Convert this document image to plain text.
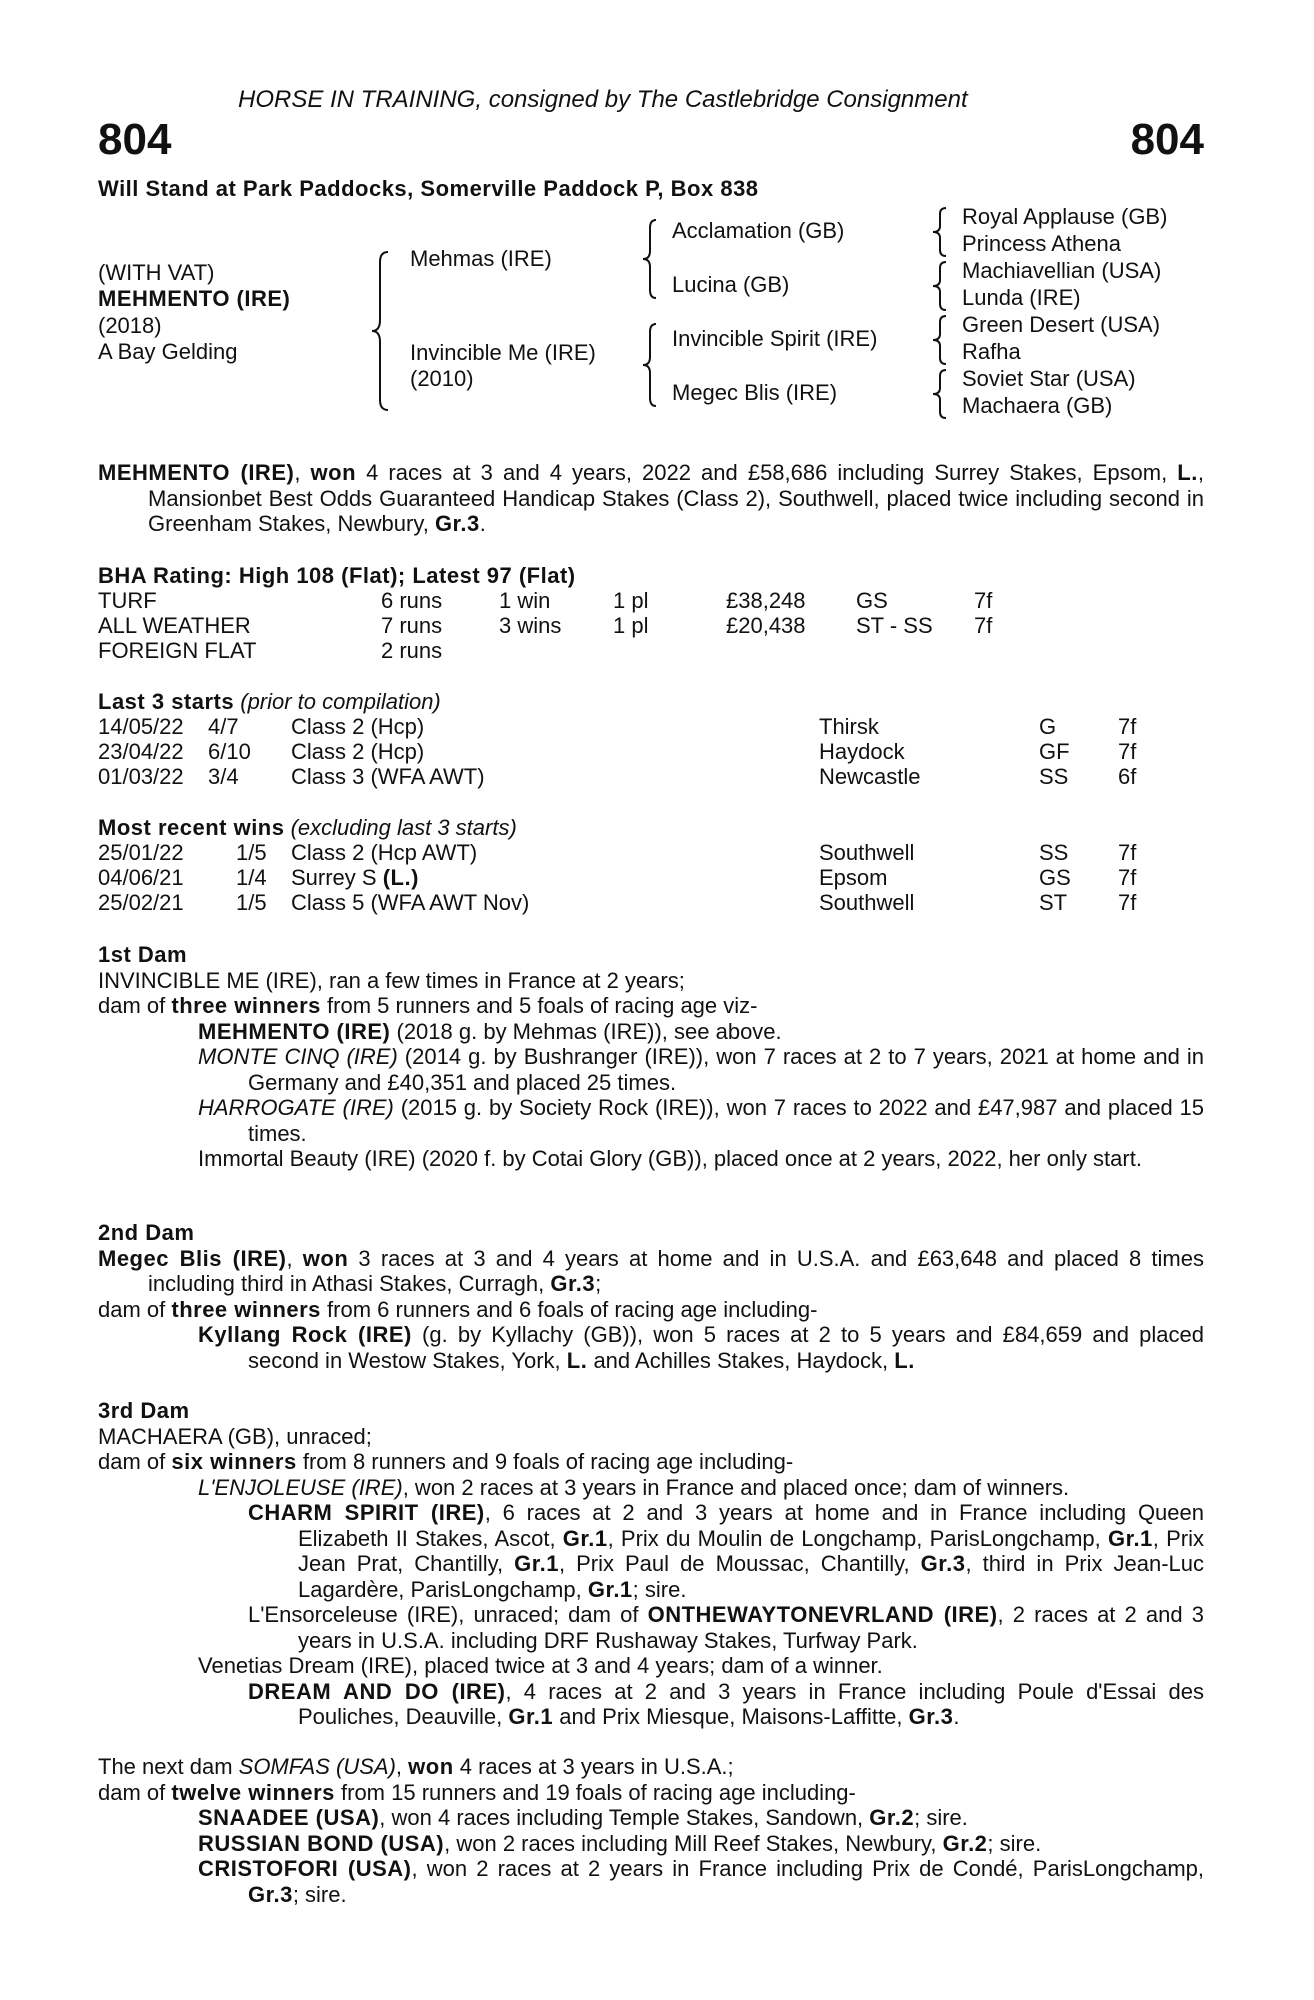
HORSE IN TRAINING, consigned by The Castlebridge Consignment
804	804
Will Stand at Park Paddocks, Somerville Paddock P, Box 838
(WITH VAT)
MEHMENTO (IRE)
(2018)
A Bay Gelding
Mehmas (IRE)
Invincible Me (IRE)
(2010)
Acclamation (GB)
Lucina (GB)
Invincible Spirit (IRE)
Megec Blis (IRE)
Royal Applause (GB)
Princess Athena
Machiavellian (USA)
Lunda (IRE)
Green Desert (USA)
Rafha
Soviet Star (USA)
Machaera (GB)

MEHMENTO (IRE), won 4 races at 3 and 4 years, 2022 and £58,686 including Surrey Stakes, Epsom, L., Mansionbet Best Odds Guaranteed Handicap Stakes (Class 2), Southwell, placed twice including second in Greenham Stakes, Newbury, Gr.3.

BHA Rating: High 108 (Flat); Latest 97 (Flat)
TURF	6 runs	1 win	1 pl	£38,248 GS	7f
ALL WEATHER	7 runs	3 wins 1 pl	£20,438 ST - SS 7f
FOREIGN FLAT	2 runs
Last 3 starts (prior to compilation)
14/05/22 4/7 Class 2 (Hcp)	Thirsk	G	7f
23/04/22 6/10 Class 2 (Hcp)	Haydock	GF 7f
01/03/22 3/4 Class 3 (WFA AWT)	Newcastle	SS 6f
Most recent wins (excluding last 3 starts)
25/01/22 1/5 Class 2 (Hcp AWT)	Southwell	SS 7f
04/06/21 1/4 Surrey S (L.)	Epsom	GS 7f
25/02/21 1/5 Class 5 (WFA AWT Nov)	Southwell	ST 7f

1st Dam

INVINCIBLE ME (IRE), ran a few times in France at 2 years;

dam of three winners from 5 runners and 5 foals of racing age viz-

MEHMENTO (IRE) (2018 g. by Mehmas (IRE)), see above.

MONTE CINQ (IRE) (2014 g. by Bushranger (IRE)), won 7 races at 2 to 7 years, 2021 at home and in Germany and £40,351 and placed 25 times.

HARROGATE (IRE) (2015 g. by Society Rock (IRE)), won 7 races to 2022 and £47,987 and placed 15 times.

Immortal Beauty (IRE) (2020 f. by Cotai Glory (GB)), placed once at 2 years, 2022, her only start.

2nd Dam

Megec Blis (IRE), won 3 races at 3 and 4 years at home and in U.S.A. and £63,648 and placed 8 times including third in Athasi Stakes, Curragh, Gr.3;

dam of three winners from 6 runners and 6 foals of racing age including-

Kyllang Rock (IRE) (g. by Kyllachy (GB)), won 5 races at 2 to 5 years and £84,659 and placed second in Westow Stakes, York, L. and Achilles Stakes, Haydock, L.

3rd Dam

MACHAERA (GB), unraced;

dam of six winners from 8 runners and 9 foals of racing age including-

L'ENJOLEUSE (IRE), won 2 races at 3 years in France and placed once; dam of winners.

CHARM SPIRIT (IRE), 6 races at 2 and 3 years at home and in France including Queen Elizabeth II Stakes, Ascot, Gr.1, Prix du Moulin de Longchamp, ParisLongchamp, Gr.1, Prix Jean Prat, Chantilly, Gr.1, Prix Paul de Moussac, Chantilly, Gr.3, third in Prix Jean-Luc Lagardère, ParisLongchamp, Gr.1; sire.

L'Ensorceleuse (IRE), unraced; dam of ONTHEWAYTONEVRLAND (IRE), 2 races at 2 and 3 years in U.S.A. including DRF Rushaway Stakes, Turfway Park.

Venetias Dream (IRE), placed twice at 3 and 4 years; dam of a winner.

DREAM AND DO (IRE), 4 races at 2 and 3 years in France including Poule d'Essai des Pouliches, Deauville, Gr.1 and Prix Miesque, Maisons-Laffitte, Gr.3.

The next dam SOMFAS (USA), won 4 races at 3 years in U.S.A.;

dam of twelve winners from 15 runners and 19 foals of racing age including-

SNAADEE (USA), won 4 races including Temple Stakes, Sandown, Gr.2; sire.

RUSSIAN BOND (USA), won 2 races including Mill Reef Stakes, Newbury, Gr.2; sire.

CRISTOFORI (USA), won 2 races at 2 years in France including Prix de Condé, ParisLongchamp, Gr.3; sire.
